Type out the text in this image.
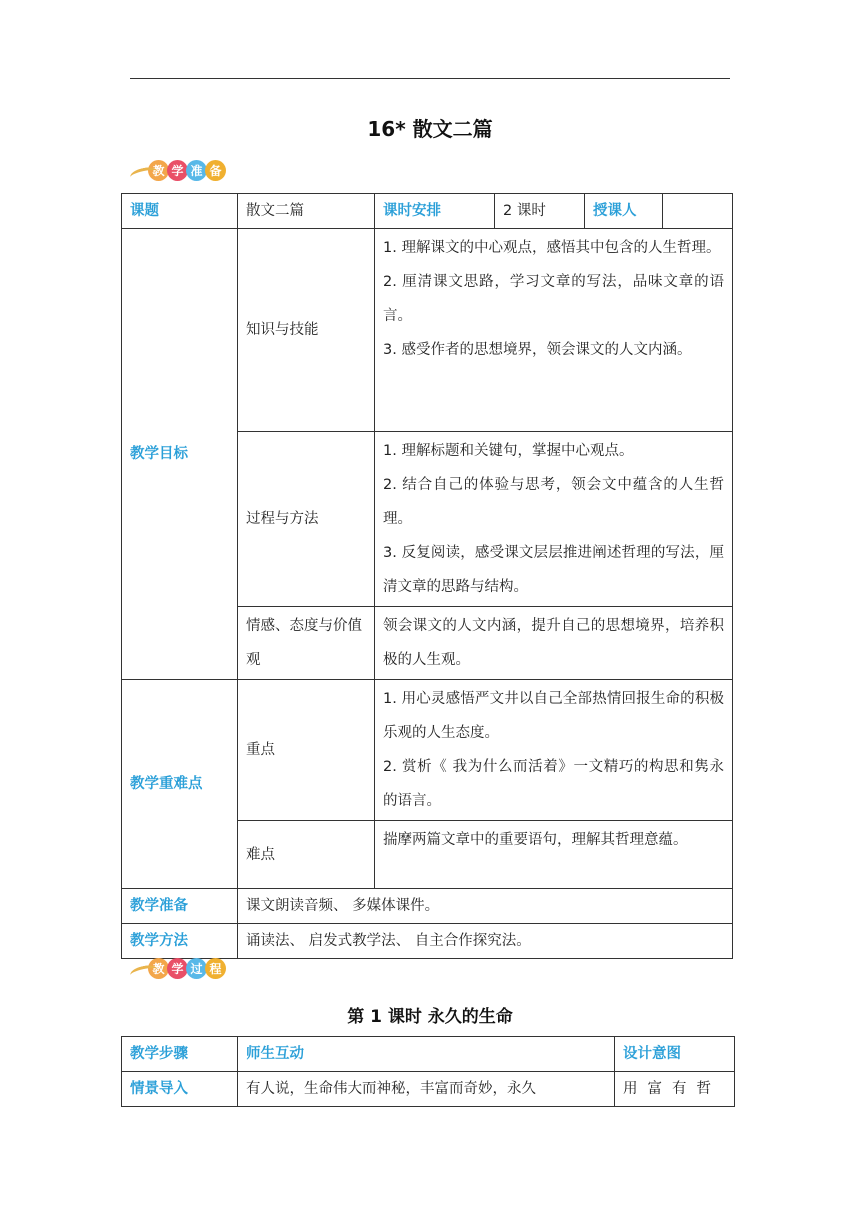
16* 散文二篇
教 学 准 备
课题	散文二篇	课时安排	2 课时	授课人	
教学目标	知识与技能	1. 理解课文的中心观点，感悟其中包含的人生哲理。
2. 厘清课文思路，学习文章的写法，品味文章的语言。
3. 感受作者的思想境界，领会课文的人文内涵。			

	过程与方法	1. 理解标题和关键句，掌握中心观点。
2. 结合自己的体验与思考，领会文中蕴含的人生哲理。
3. 反复阅读，感受课文层层推进阐述哲理的写法，厘清文章的思路与结构。			

	情感、态度与价值观	领会课文的人文内涵，提升自己的思想境界，培养积极的人生观。			

教学重难点	重点	1. 用心灵感悟严文井以自己全部热情回报生命的积极乐观的人生态度。
2. 赏析《 我为什么而活着》一文精巧的构思和隽永的语言。			

	难点	揣摩两篇文章中的重要语句，理解其哲理意蕴。			

教学准备	课文朗读音频、 多媒体课件。				
教学方法	诵读法、 启发式教学法、 自主合作探究法。				
教 学 过 程
第 1 课时 永久的生命
教学步骤	师生互动	设计意图
情景导入	有人说，生命伟大而神秘，丰富而奇妙，永久	用富有哲
